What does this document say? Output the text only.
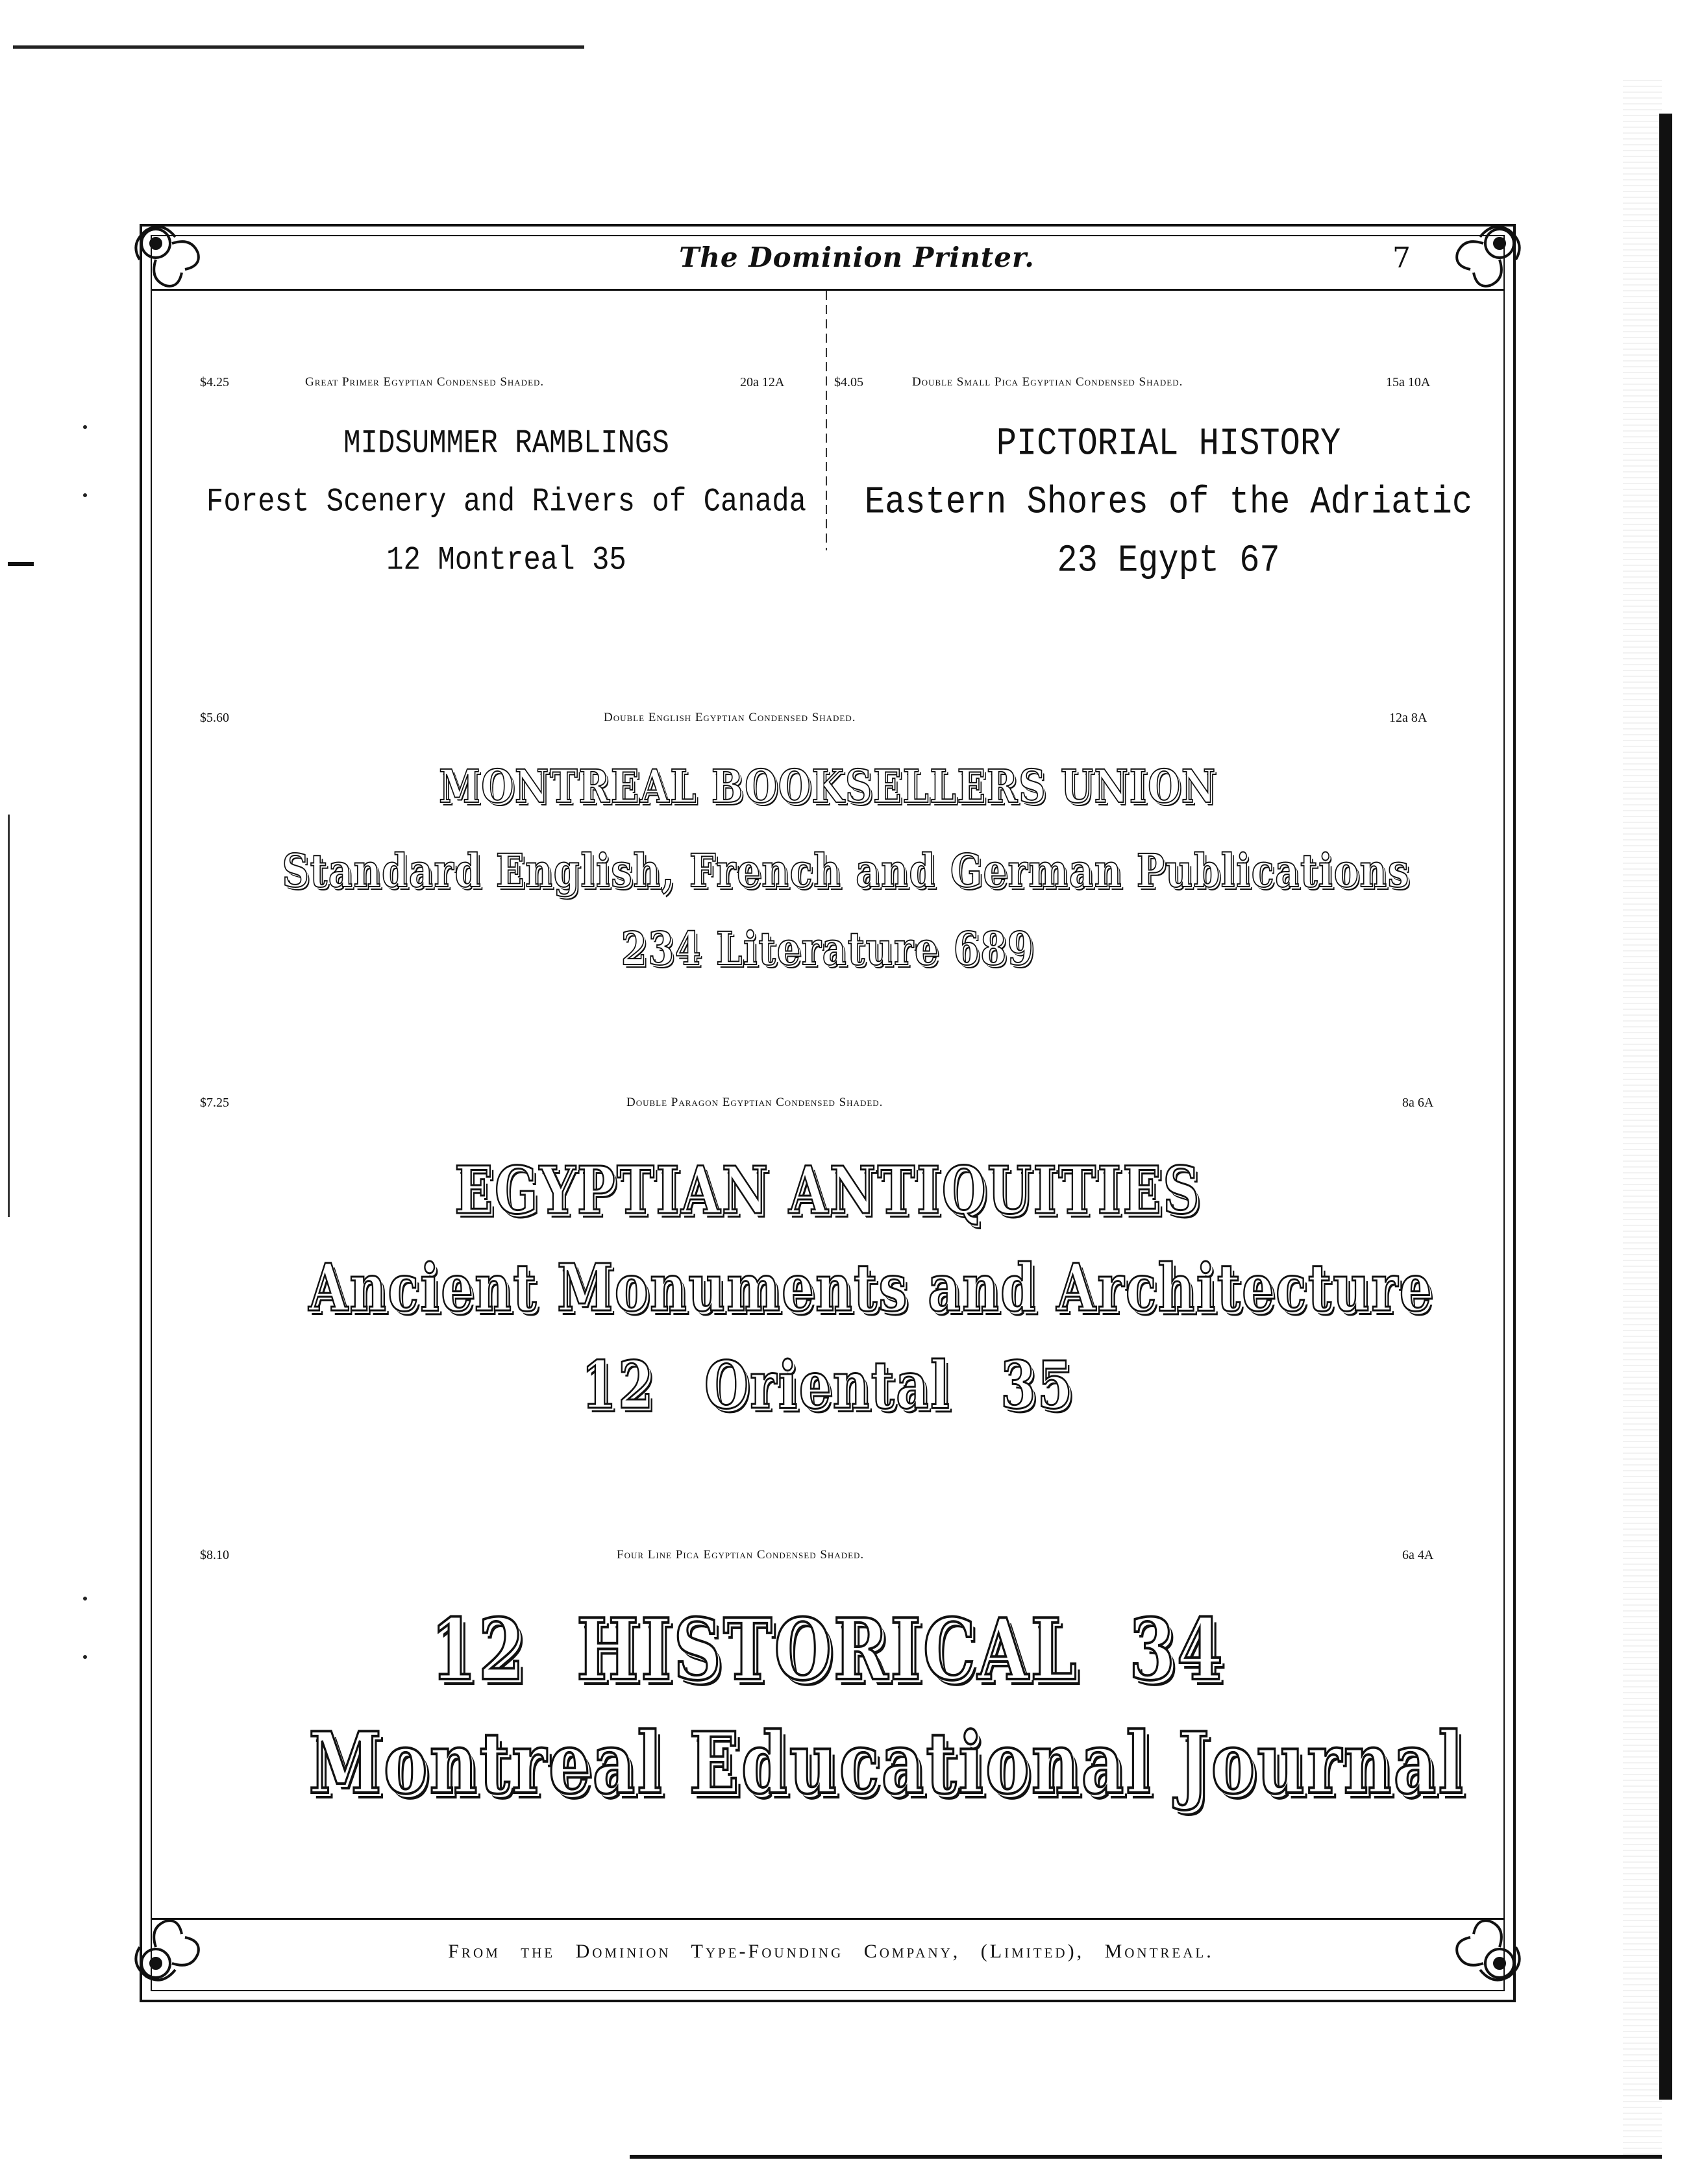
The Dominion Printer.	7
$4.25	Great Primer Egyptian Condensed Shaded.	20a 12A
MIDSUMMER RAMBLINGS
Forest Scenery and Rivers of Canada
12 Montreal 35
$4.05	Double Small Pica Egyptian Condensed Shaded.	15a 10A
PICTORIAL HISTORY
Eastern Shores of the Adriatic
23 Egypt 67
$5.60	Double English Egyptian Condensed Shaded.	12a 8A
MONTREAL BOOKSELLERS UNION
Standard English, French and German Publications
234 Literature 689
$7.25	Double Paragon Egyptian Condensed Shaded.	8a 6A
EGYPTIAN ANTIQUITIES
Ancient Monuments and Architecture
12 Oriental 35
$8.10	Four Line Pica Egyptian Condensed Shaded.	6a 4A
12 HISTORICAL 34
Montreal Educational Journal
From the Dominion Type-Founding Company, (Limited), Montreal.
